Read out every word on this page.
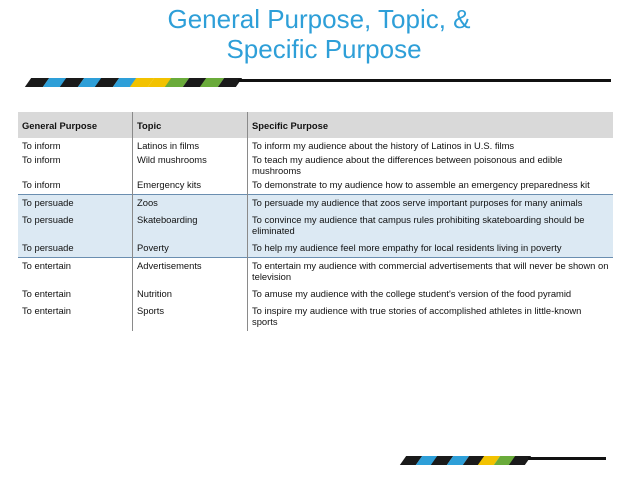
General Purpose, Topic, &
Specific Purpose
General Purpose	Topic	Specific Purpose
To inform	Latinos in films	To inform my audience about the history of Latinos in U.S. films
To inform	Wild mushrooms	To teach my audience about the differences between poisonous and edible mushrooms
To inform	Emergency kits	To demonstrate to my audience how to assemble an emergency preparedness kit
To persuade	Zoos	To persuade my audience that zoos serve important purposes for many animals
To persuade	Skateboarding	To convince my audience that campus rules prohibiting skateboarding should be eliminated
To persuade	Poverty	To help my audience feel more empathy for local residents living in poverty
To entertain	Advertisements	To entertain my audience with commercial advertisements that will never be shown on television
To entertain	Nutrition	To amuse my audience with the college student's version of the food pyramid
To entertain	Sports	To inspire my audience with true stories of accomplished athletes in little-known sports
